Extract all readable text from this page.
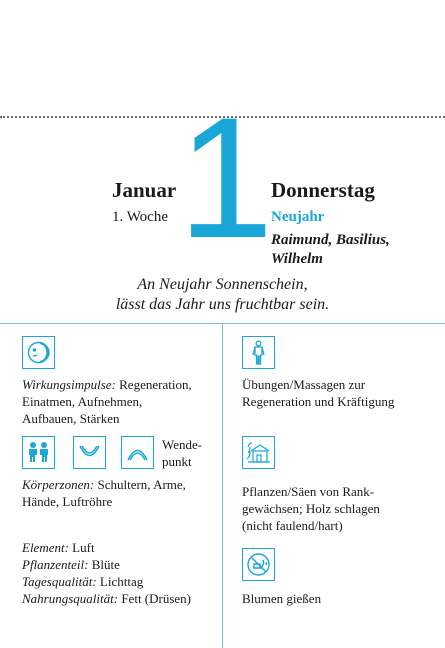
Januar
1. Woche 1
Donnerstag
Neujahr
Raimund, Basilius,
Wilhelm
An Neujahr Sonnenschein,
lässt das Jahr uns fruchtbar sein.
Wirkungsimpulse: Regeneration,
Einatmen, Aufnehmen,
Aufbauen, Stärken
Wende-
punkt
Körperzonen: Schultern, Arme,
Hände, Luftröhre
Element: Luft
Pflanzenteil: Blüte
Tagesqualität: Lichttag
Nahrungsqualität: Fett (Drüsen)
Übungen/Massagen zur
Regeneration und Kräftigung
Pflanzen/Säen von Rank-
gewächsen; Holz schlagen
(nicht faulend/hart)
Blumen gießen
